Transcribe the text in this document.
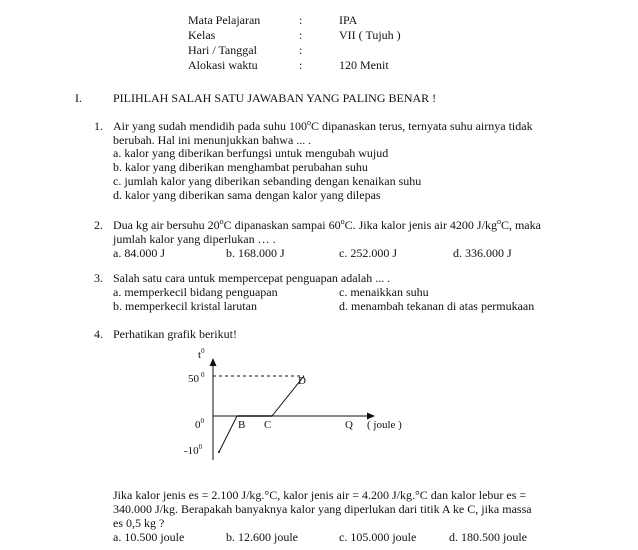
Mata Pelajaran	:	IPA
Kelas	:	VII ( Tujuh )
Hari / Tanggal	:
Alokasi waktu	:	120 Menit
I.	PILIHLAH SALAH SATU JAWABAN YANG PALING BENAR !
1. Air yang sudah mendidih pada suhu 100$^o$C dipanaskan terus, ternyata suhu airnya tidak
berubah. Hal ini menunjukkan bahwa ... .
a. kalor yang diberikan berfungsi untuk mengubah wujud
b. kalor yang diberikan menghambat perubahan suhu
c. jumlah kalor yang diberikan sebanding dengan kenaikan suhu
d. kalor yang diberikan sama dengan kalor yang dilepas
2. Dua kg air bersuhu 20$^o$C dipanaskan sampai 60$^o$C. Jika kalor jenis air 4200 $J/kg^oC$, maka
jumlah kalor yang diperlukan … .
a. 84.000 J	b. 168.000 J	c. 252.000 J	d. 336.000 J
3. Salah satu cara untuk mempercepat penguapan adalah ... .
a. memperkecil bidang penguapan	c. menaikkan suhu
b. memperkecil kristal larutan	d. menambah tekanan di atas permukaan
4. Perhatikan grafik berikut!
$t^0$
50 $^0$
$0^0$
$-10^0$
B C
D
Q ( joule )
Jika kalor jenis es = 2.100 J/kg.°C, kalor jenis air = 4.200 J/kg.°C dan kalor lebur es =
340.000 J/kg. Berapakah banyaknya kalor yang diperlukan dari titik A ke C, jika massa
es 0,5 kg ?
a. 10.500 joule	b. 12.600 joule	c. 105.000 joule	d. 180.500 joule
